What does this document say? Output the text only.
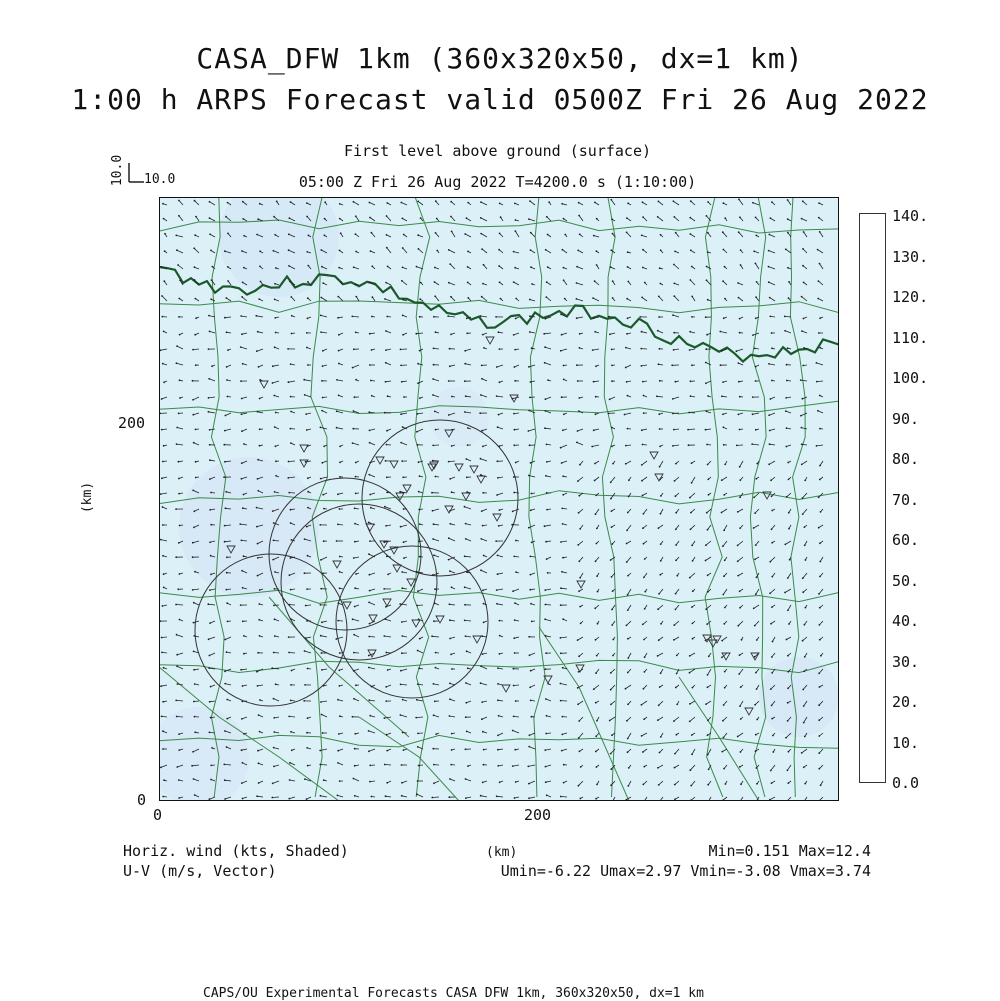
CASA_DFW 1km (360x320x50, dx=1 km)
1:00 h ARPS Forecast valid 0500Z Fri 26 Aug 2022
First level above ground (surface)
05:00 Z Fri 26 Aug 2022 T=4200.0 s (1:10:00)
10.0 10.0
(km)
200
0
0	200
140.
130.
120.
110.
100.
90.
80.
70.
60.
50.
40.
30.
20.
10.
0.0
Horiz. wind (kts, Shaded)
U-V (m/s, Vector)
(km)	Min=0.151 Max=12.4
Umin=-6.22 Umax=2.97 Vmin=-3.08 Vmax=3.74
CAPS/OU Experimental Forecasts CASA DFW 1km, 360x320x50, dx=1 km
